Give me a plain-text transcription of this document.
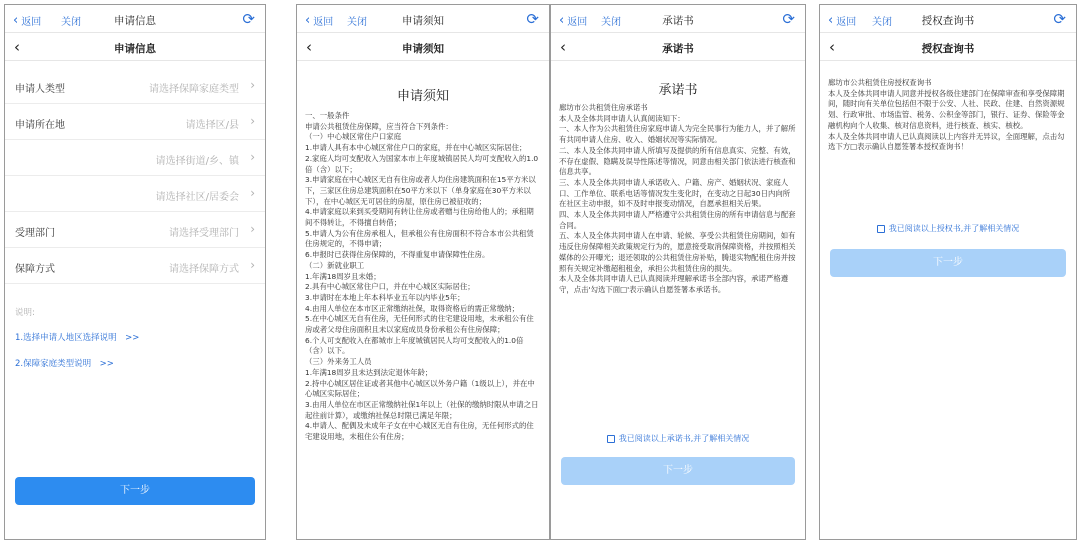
‹ 返回 关闭	申请信息	⟳
‹	申请信息
申请人类型	请选择保障家庭类型 ›
申请所在地	请选择区/县 ›
请选择街道/乡、镇 ›
请选择社区/居委会 ›
受理部门	请选择受理部门 ›
保障方式	请选择保障方式 ›
说明:
1.选择申请人地区选择说明　>>
2.保障家庭类型说明　>>
下一步
‹ 返回 关闭	申请须知	⟳
‹	申请须知
申请须知

一、一般条件

申请公共租赁住房保障，应当符合下列条件：

（一）中心城区常住户口家庭

1.申请人具有本中心城区常住户口的家庭，并在中心城区实际居住；

2.家庭人均可支配收入为国家本市上年度城镇居民人均可支配收入的1.0倍（含）以下；

3.申请家庭在中心城区无自有住房或者人均住房建筑面积在15平方米以下，三家区住房总建筑面积在50平方米以下（单身家庭在30平方米以下），在中心城区无可居住的房屋，原住房已被征收的；

4.申请家庭以来到买受期间有转让住房或者赠与住房给他人的；承租期间不得转让，不得擅自转借；

5.申请人为公有住房承租人，但承租公有住房面积不符合本市公共租赁住房规定的，不得申请；

6.申报时已获得住房保障的，不得重复申请保障性住房。

（二）新就业职工

1.年满18周岁且未婚；

2.具有中心城区常住户口，并在中心城区实际居住；

3.申请时在本地上年本科毕业五年以内毕业5年；

4.由用人单位在本市区正常缴纳社保，取得资格后的需正常缴纳；

5.在中心城区无自有住房，无任何形式的住宅建设用地，未承租公有住房或者父母住房面积且未以家庭成员身份承租公有住房保障；

6.个人可支配收入在都城市上年度城镇居民人均可支配收入的1.0倍（含）以下。

（三）外来务工人员

1.年满18周岁且未达到法定退休年龄；

2.持中心城区居住证或者其他中心城区以外务户籍（1级以上），并在中心城区实际居住；

3.由用人单位在市区正常缴纳社保1年以上（社保的缴纳时限从申请之日起往前计算），或缴纳社保总时限已满足年限；

4.申请人、配偶及未成年子女在中心城区无自有住房，无任何形式的住宅建设用地，未租住公有住房；

‹ 返回 关闭	承诺书	⟳
‹	承诺书
承诺书

廊坊市公共租赁住房承诺书

本人及全体共同申请人认真阅读知下：

一、本人作为公共租赁住房家庭申请人为完全民事行为能力人，并了解所有共同申请人住房、收入、婚姻状况等实际情况。

二、本人及全体共同申请人所填写及提供的所有信息真实、完整、有效，不存在虚假、隐瞒及误导性陈述等情况，同意由相关部门依法进行核查和信息共享。

三、本人及全体共同申请人承诺收入、户籍、房产、婚姻状况、家庭人口、工作单位、联系电话等情况发生变化时，在变动之日起30日内向所在社区主动申报，如不及时申报变动情况，自愿承担相关后果。

四、本人及全体共同申请人严格遵守公共租赁住房的所有申请信息与配套合同。

五、本人及全体共同申请人在申请、轮候、享受公共租赁住房期间，如有违反住房保障相关政策规定行为的，愿意接受取消保障资格，并按照相关媒体的公开曝光；退还领取的公共租赁住房补贴，腾退实物配租住房并按照有关规定补缴超租租金，承担公共租赁住房的损失。

本人及全体共同申请人已认真阅读并理解承诺书全部内容，承诺严格遵守，点击'勾选下面□'表示确认自愿签署本承诺书。

我已阅读以上承诺书,并了解相关情况
下一步
‹ 返回 关闭	授权查询书	⟳
‹	授权查询书

廊坊市公共租赁住房授权查询书

本人及全体共同申请人同意并授权各级住建部门在保障审查和享受保障期间，随时向有关单位包括但不限于公安、人社、民政、住建、自然资源规划、行政审批、市场监管、税务、公积金等部门，银行、证券、保险等金融机构向个人收集、核对信息资料，进行核查、核实、核校。

本人及全体共同申请人已认真阅读以上内容并无异议，全面理解，点击勾选下方□表示确认自愿签署本授权查询书！

我已阅读以上授权书,并了解相关情况
下一步
